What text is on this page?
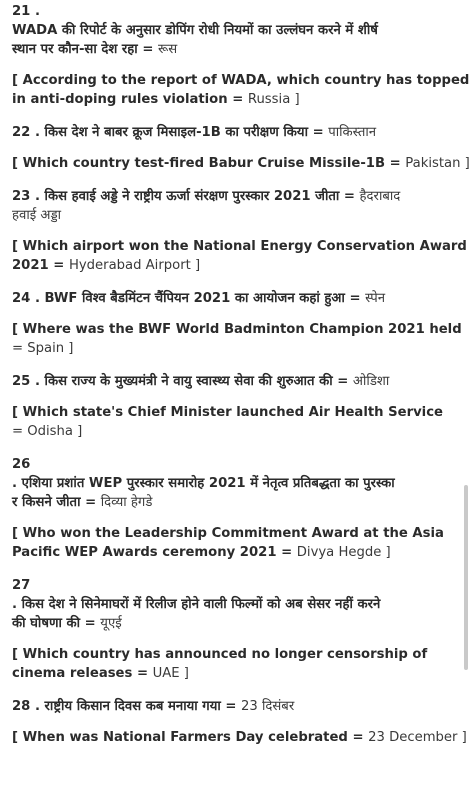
21 .
WADA की रिपोर्ट के अनुसार डोपिंग रोधी नियमों का उल्लंघन करने में शीर्ष
स्थान पर कौन-सा देश रहा = रूस
[ According to the report of WADA, which country has topped
in anti-doping rules violation = Russia ]
22 . किस देश ने बाबर क्रूज मिसाइल-1B का परीक्षण किया = पाकिस्तान
[ Which country test-fired Babur Cruise Missile-1B = Pakistan ]
23 . किस हवाई अड्डे ने राष्ट्रीय ऊर्जा संरक्षण पुरस्कार 2021 जीता = हैदराबाद
हवाई अड्डा
[ Which airport won the National Energy Conservation Award
2021 = Hyderabad Airport ]
24 . BWF विश्व बैडमिंटन चैंपियन 2021 का आयोजन कहां हुआ = स्पेन
[ Where was the BWF World Badminton Champion 2021 held
= Spain ]
25 . किस राज्य के मुख्यमंत्री ने वायु स्वास्थ्य सेवा की शुरुआत की = ओडिशा
[ Which state's Chief Minister launched Air Health Service
= Odisha ]
26
. एशिया प्रशांत WEP पुरस्कार समारोह 2021 में नेतृत्व प्रतिबद्धता का पुरस्का
र किसने जीता = दिव्या हेगडे
[ Who won the Leadership Commitment Award at the Asia
Pacific WEP Awards ceremony 2021 = Divya Hegde ]
27
. किस देश ने सिनेमाघरों में रिलीज होने वाली फिल्मों को अब सेसर नहीं करने
की घोषणा की = यूएई
[ Which country has announced no longer censorship of
cinema releases = UAE ]
28 . राष्ट्रीय किसान दिवस कब मनाया गया = 23 दिसंबर
[ When was National Farmers Day celebrated = 23 December ]
